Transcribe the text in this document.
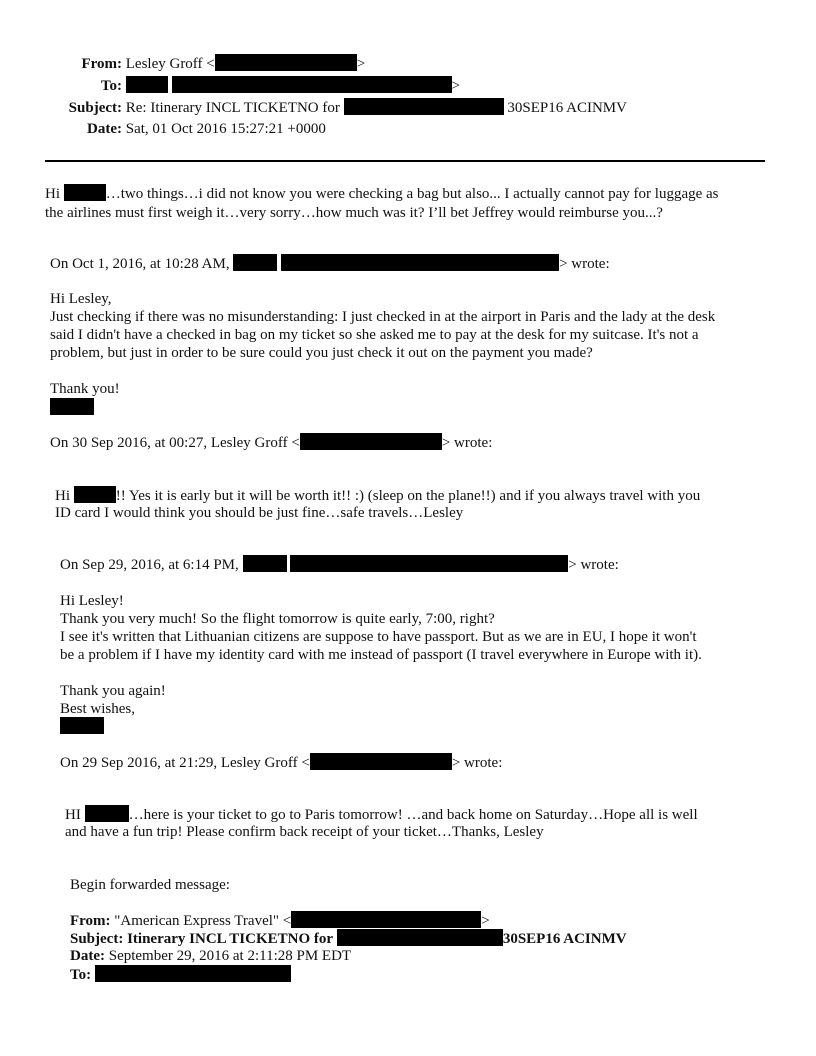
From: Lesley Groff <	>
To:	>
Subject: Re: Itinerary INCL TICKETNO for	30SEP16 ACINMV
Date: Sat, 01 Oct 2016 15:27:21 +0000
Hi	…two things…i did not know you were checking a bag but also... I actually cannot pay for luggage as
the airlines must first weigh it…very sorry…how much was it? I’ll bet Jeffrey would reimburse you...?
On Oct 1, 2016, at 10:28 AM,	> wrote:
Hi Lesley,
Just checking if there was no misunderstanding: I just checked in at the airport in Paris and the lady at the desk
said I didn't have a checked in bag on my ticket so she asked me to pay at the desk for my suitcase. It's not a
problem, but just in order to be sure could you just check it out on the payment you made?
Thank you!
On 30 Sep 2016, at 00:27, Lesley Groff <	> wrote:
Hi	!! Yes it is early but it will be worth it!! :) (sleep on the plane!!) and if you always travel with you
ID card I would think you should be just fine…safe travels…Lesley
On Sep 29, 2016, at 6:14 PM,	> wrote:
Hi Lesley!
Thank you very much! So the flight tomorrow is quite early, 7:00, right?
I see it's written that Lithuanian citizens are suppose to have passport. But as we are in EU, I hope it won't
be a problem if I have my identity card with me instead of passport (I travel everywhere in Europe with it).
Thank you again!
Best wishes,
On 29 Sep 2016, at 21:29, Lesley Groff <	> wrote:
HI	…here is your ticket to go to Paris tomorrow! …and back home on Saturday…Hope all is well
and have a fun trip! Please confirm back receipt of your ticket…Thanks, Lesley
Begin forwarded message:
From: "American Express Travel" <	>
Subject: Itinerary INCL TICKETNO for	30SEP16 ACINMV
Date: September 29, 2016 at 2:11:28 PM EDT
To:
